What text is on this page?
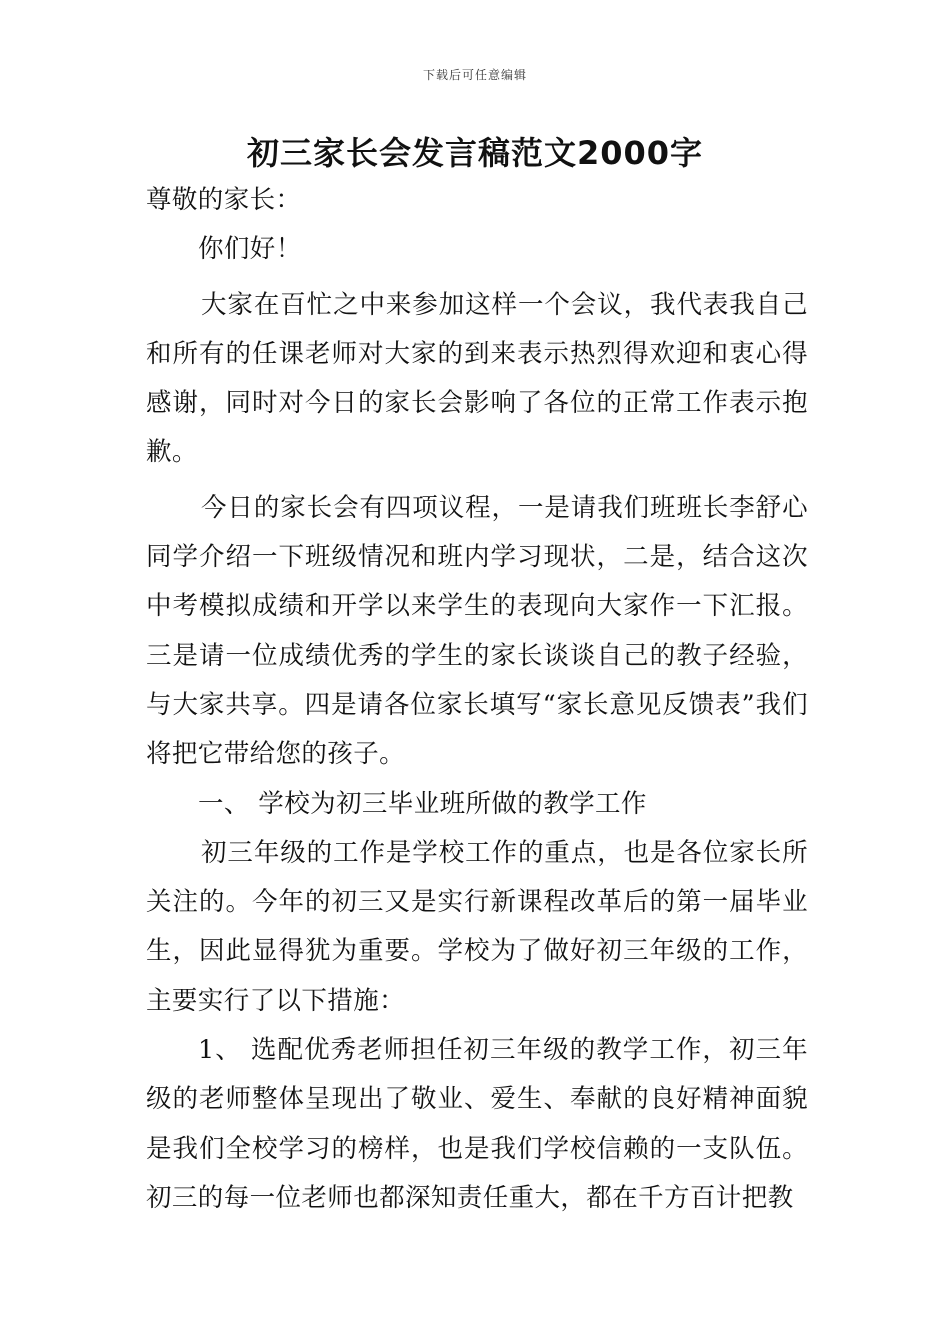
下载后可任意编辑
初三家长会发言稿范文2000字

尊敬的家长：

你们好！

大家在百忙之中来参加这样一个会议，我代表我自己和所有的任课老师对大家的到来表示热烈得欢迎和衷心得感谢，同时对今日的家长会影响了各位的正常工作表示抱歉。

今日的家长会有四项议程，一是请我们班班长李舒心同学介绍一下班级情况和班内学习现状，二是，结合这次中考模拟成绩和开学以来学生的表现向大家作一下汇报。三是请一位成绩优秀的学生的家长谈谈自己的教子经验，与大家共享。四是请各位家长填写“家长意见反馈表”我们将把它带给您的孩子。

一、 学校为初三毕业班所做的教学工作

初三年级的工作是学校工作的重点，也是各位家长所关注的。今年的初三又是实行新课程改革后的第一届毕业生，因此显得犹为重要。学校为了做好初三年级的工作，主要实行了以下措施：

1、 选配优秀老师担任初三年级的教学工作，初三年级的老师整体呈现出了敬业、爱生、奉献的良好精神面貌是我们全校学习的榜样，也是我们学校信赖的一支队伍。初三的每一位老师也都深知责任重大，都在千方百计把教
